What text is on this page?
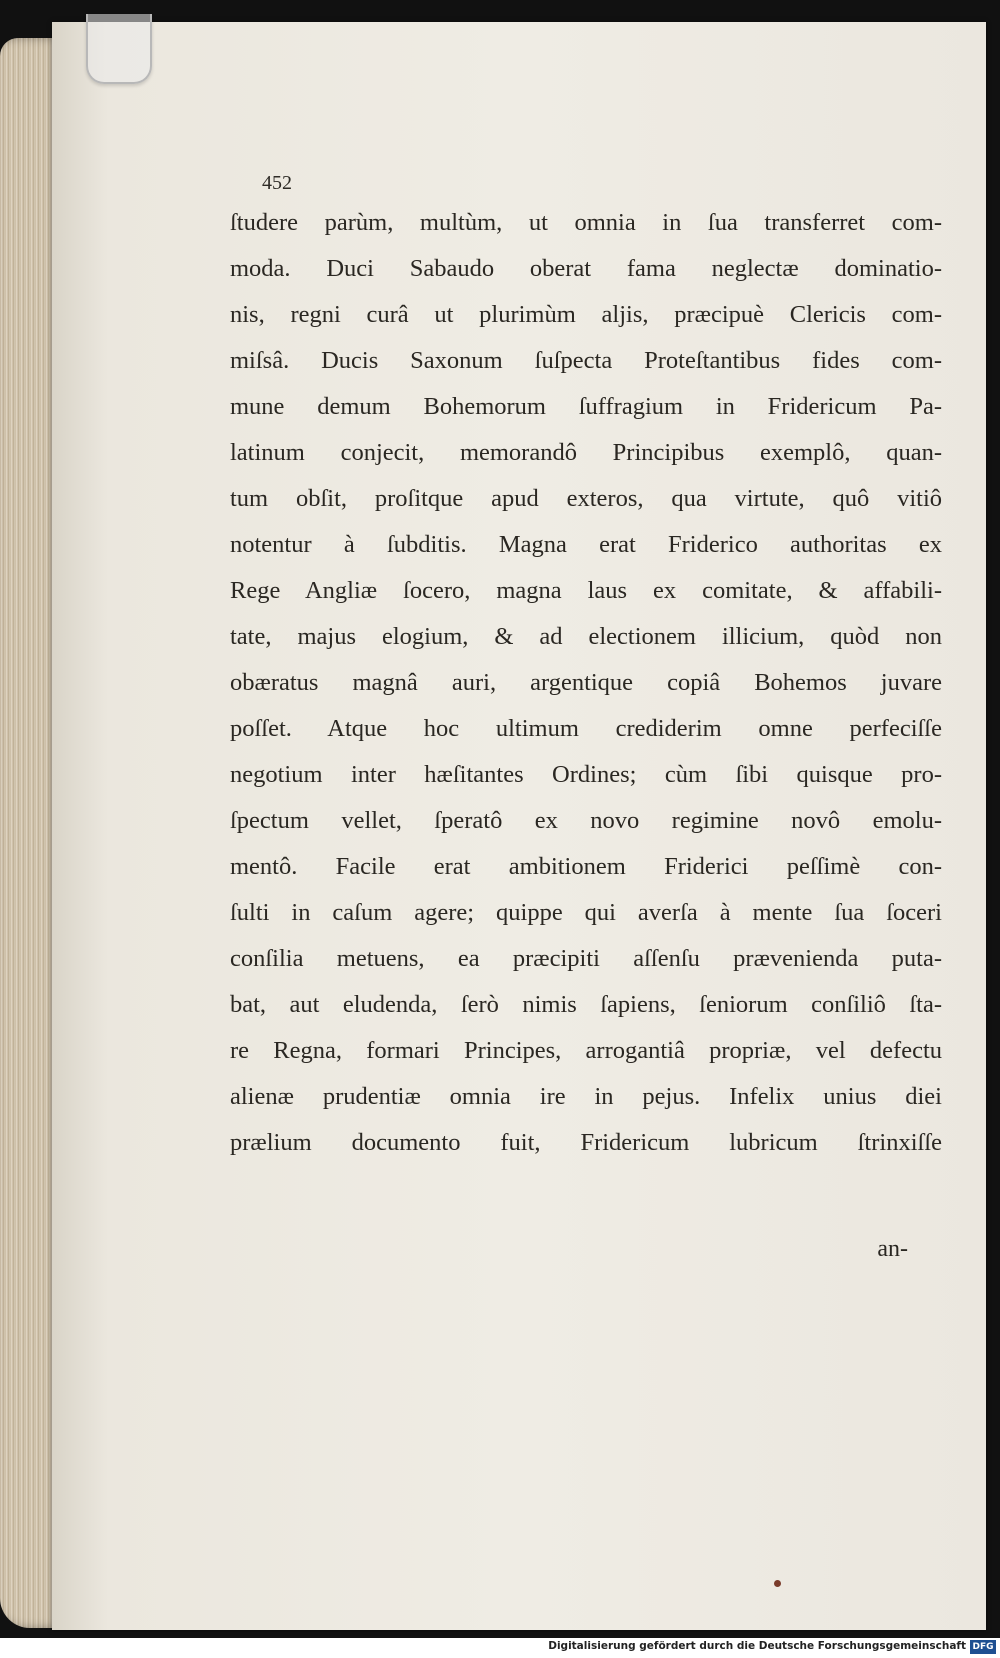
452

ſtudere parùm, multùm, ut omnia in ſua transferret com-
moda. Duci Sabaudo oberat fama neglectæ dominatio-
nis, regni curâ ut plurimùm aljis, præcipuè Clericis com-
miſsâ. Ducis Saxonum ſuſpecta Proteſtantibus fides com-
mune demum Bohemorum ſuffragium in Fridericum Pa-
latinum conjecit, memorandô Principibus exemplô, quan-
tum obſit, proſitque apud exteros, qua virtute, quô vitiô
notentur à ſubditis. Magna erat Friderico authoritas ex
Rege Angliæ ſocero, magna laus ex comitate, & affabili-
tate, majus elogium, & ad electionem illicium, quòd non
obæratus magnâ auri, argentique copiâ Bohemos juvare
poſſet. Atque hoc ultimum crediderim omne perfeciſſe
negotium inter hæſitantes Ordines; cùm ſibi quisque pro-
ſpectum vellet, ſperatô ex novo regimine novô emolu-
mentô. Facile erat ambitionem Friderici peſſimè con-
ſulti in caſum agere; quippe qui averſa à mente ſua ſoceri
conſilia metuens, ea præcipiti aſſenſu prævenienda puta-
bat, aut eludenda, ſerò nimis ſapiens, ſeniorum conſiliô ſta-
re Regna, formari Principes, arrogantiâ propriæ, vel defectu
alienæ prudentiæ omnia ire in pejus. Infelix unius diei
prælium documento fuit, Fridericum lubricum ſtrinxiſſe
an-
Digitalisierung gefördert durch die Deutsche Forschungsgemeinschaft DFG
